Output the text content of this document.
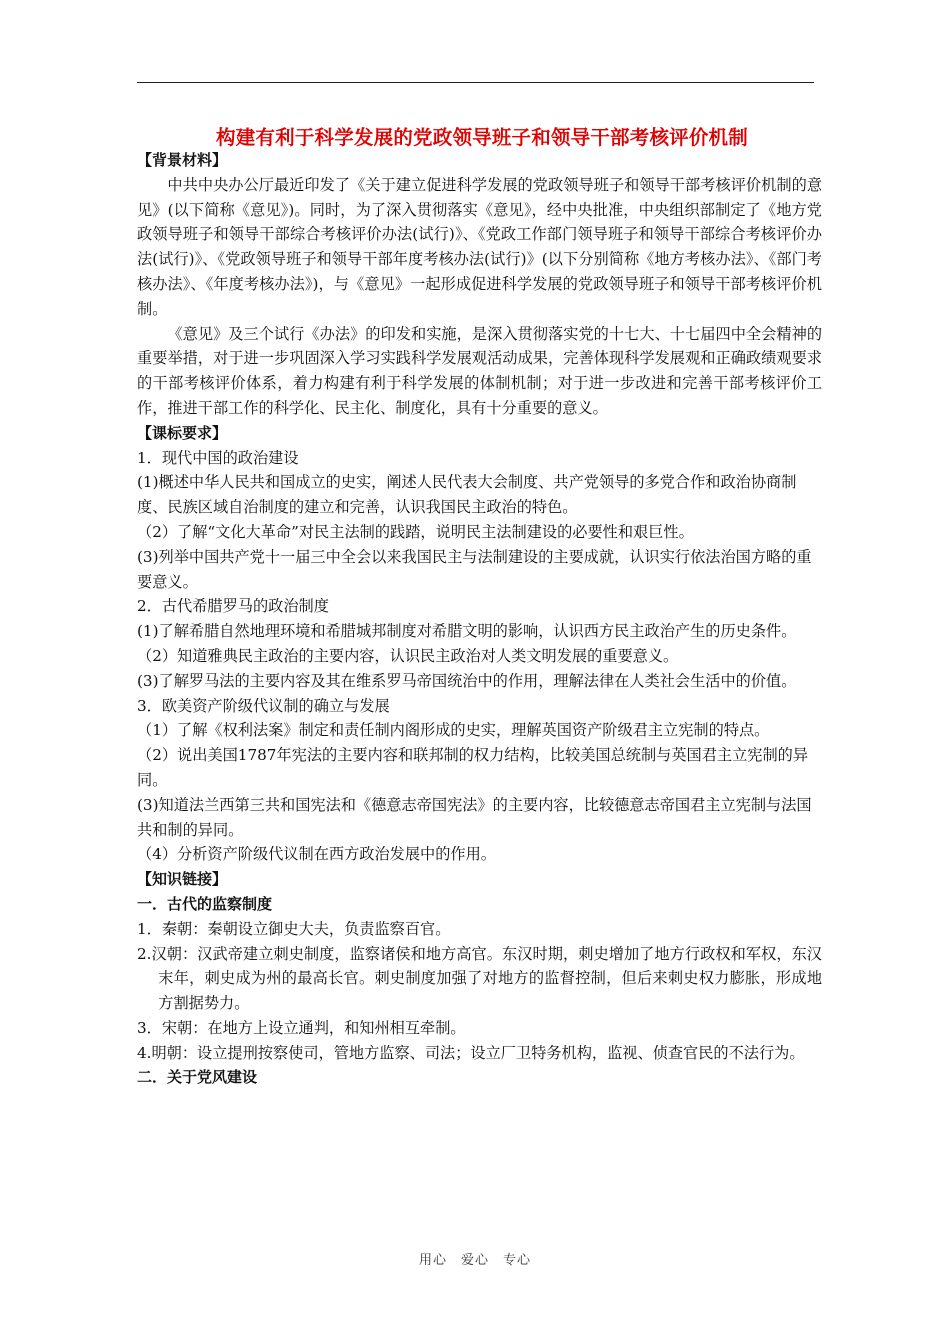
构建有利于科学发展的党政领导班子和领导干部考核评价机制
【背景材料】
中共中央办公厅最近印发了《关于建立促进科学发展的党政领导班子和领导干部考核评价机制的意见》(以下简称《意见》)。同时，为了深入贯彻落实《意见》，经中央批准，中央组织部制定了《地方党政领导班子和领导干部综合考核评价办法(试行)》、《党政工作部门领导班子和领导干部综合考核评价办法(试行)》、《党政领导班子和领导干部年度考核办法(试行)》(以下分别简称《地方考核办法》、《部门考核办法》、《年度考核办法》)，与《意见》一起形成促进科学发展的党政领导班子和领导干部考核评价机制。
《意见》及三个试行《办法》的印发和实施，是深入贯彻落实党的十七大、十七届四中全会精神的重要举措，对于进一步巩固深入学习实践科学发展观活动成果，完善体现科学发展观和正确政绩观要求的干部考核评价体系，着力构建有利于科学发展的体制机制；对于进一步改进和完善干部考核评价工作，推进干部工作的科学化、民主化、制度化，具有十分重要的意义。
【课标要求】
1．现代中国的政治建设
(1)概述中华人民共和国成立的史实，阐述人民代表大会制度、共产党领导的多党合作和政治协商制度、民族区域自治制度的建立和完善，认识我国民主政治的特色。
（2）了解“文化大革命”对民主法制的践踏，说明民主法制建设的必要性和艰巨性。
(3)列举中国共产党十一届三中全会以来我国民主与法制建设的主要成就，认识实行依法治国方略的重要意义。
2．古代希腊罗马的政治制度
(1)了解希腊自然地理环境和希腊城邦制度对希腊文明的影响，认识西方民主政治产生的历史条件。
（2）知道雅典民主政治的主要内容，认识民主政治对人类文明发展的重要意义。
(3)了解罗马法的主要内容及其在维系罗马帝国统治中的作用，理解法律在人类社会生活中的价值。
3．欧美资产阶级代议制的确立与发展
（1）了解《权利法案》制定和责任制内阁形成的史实，理解英国资产阶级君主立宪制的特点。
（2）说出美国1787年宪法的主要内容和联邦制的权力结构，比较美国总统制与英国君主立宪制的异同。
(3)知道法兰西第三共和国宪法和《德意志帝国宪法》的主要内容，比较德意志帝国君主立宪制与法国共和制的异同。
（4）分析资产阶级代议制在西方政治发展中的作用。
【知识链接】
一．古代的监察制度
1．秦朝：秦朝设立御史大夫，负责监察百官。
2.汉朝：汉武帝建立刺史制度，监察诸侯和地方高官。东汉时期，刺史增加了地方行政权和军权，东汉末年，刺史成为州的最高长官。刺史制度加强了对地方的监督控制，但后来刺史权力膨胀，形成地方割据势力。
3．宋朝：在地方上设立通判，和知州相互牵制。
4.明朝：设立提刑按察使司，管地方监察、司法；设立厂卫特务机构，监视、侦查官民的不法行为。
二．关于党风建设
用心　爱心　专心
